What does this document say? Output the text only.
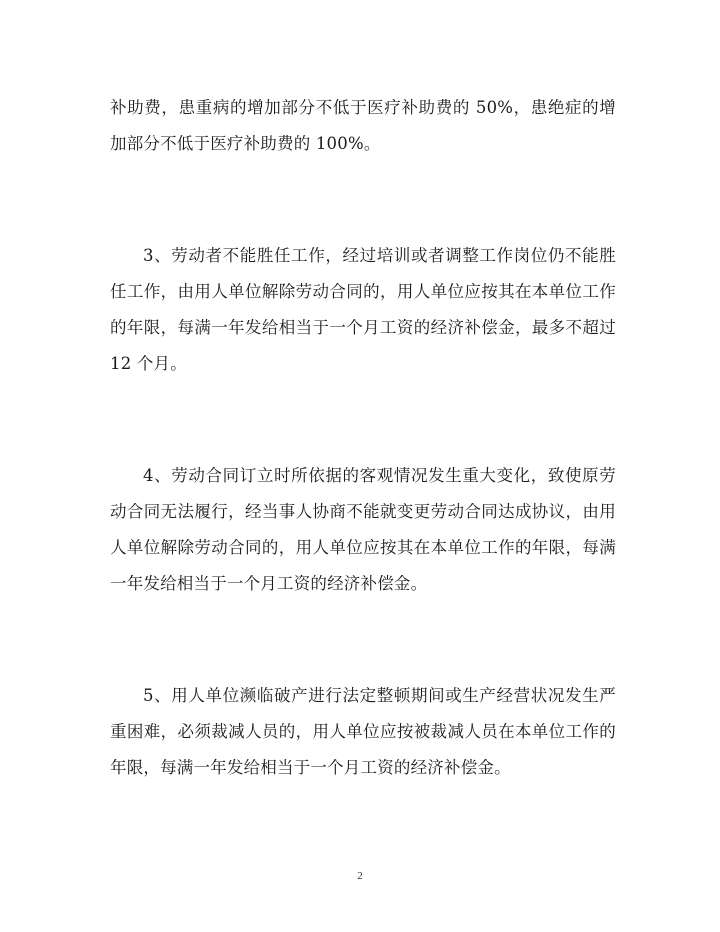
补助费，患重病的增加部分不低于医疗补助费的 50%，患绝症的增加部分不低于医疗补助费的 100%。

3、劳动者不能胜任工作，经过培训或者调整工作岗位仍不能胜任工作，由用人单位解除劳动合同的，用人单位应按其在本单位工作的年限，每满一年发给相当于一个月工资的经济补偿金，最多不超过 12 个月。

4、劳动合同订立时所依据的客观情况发生重大变化，致使原劳动合同无法履行，经当事人协商不能就变更劳动合同达成协议，由用人单位解除劳动合同的，用人单位应按其在本单位工作的年限，每满一年发给相当于一个月工资的经济补偿金。

5、用人单位濒临破产进行法定整顿期间或生产经营状况发生严重困难，必须裁减人员的，用人单位应按被裁减人员在本单位工作的年限，每满一年发给相当于一个月工资的经济补偿金。

2
